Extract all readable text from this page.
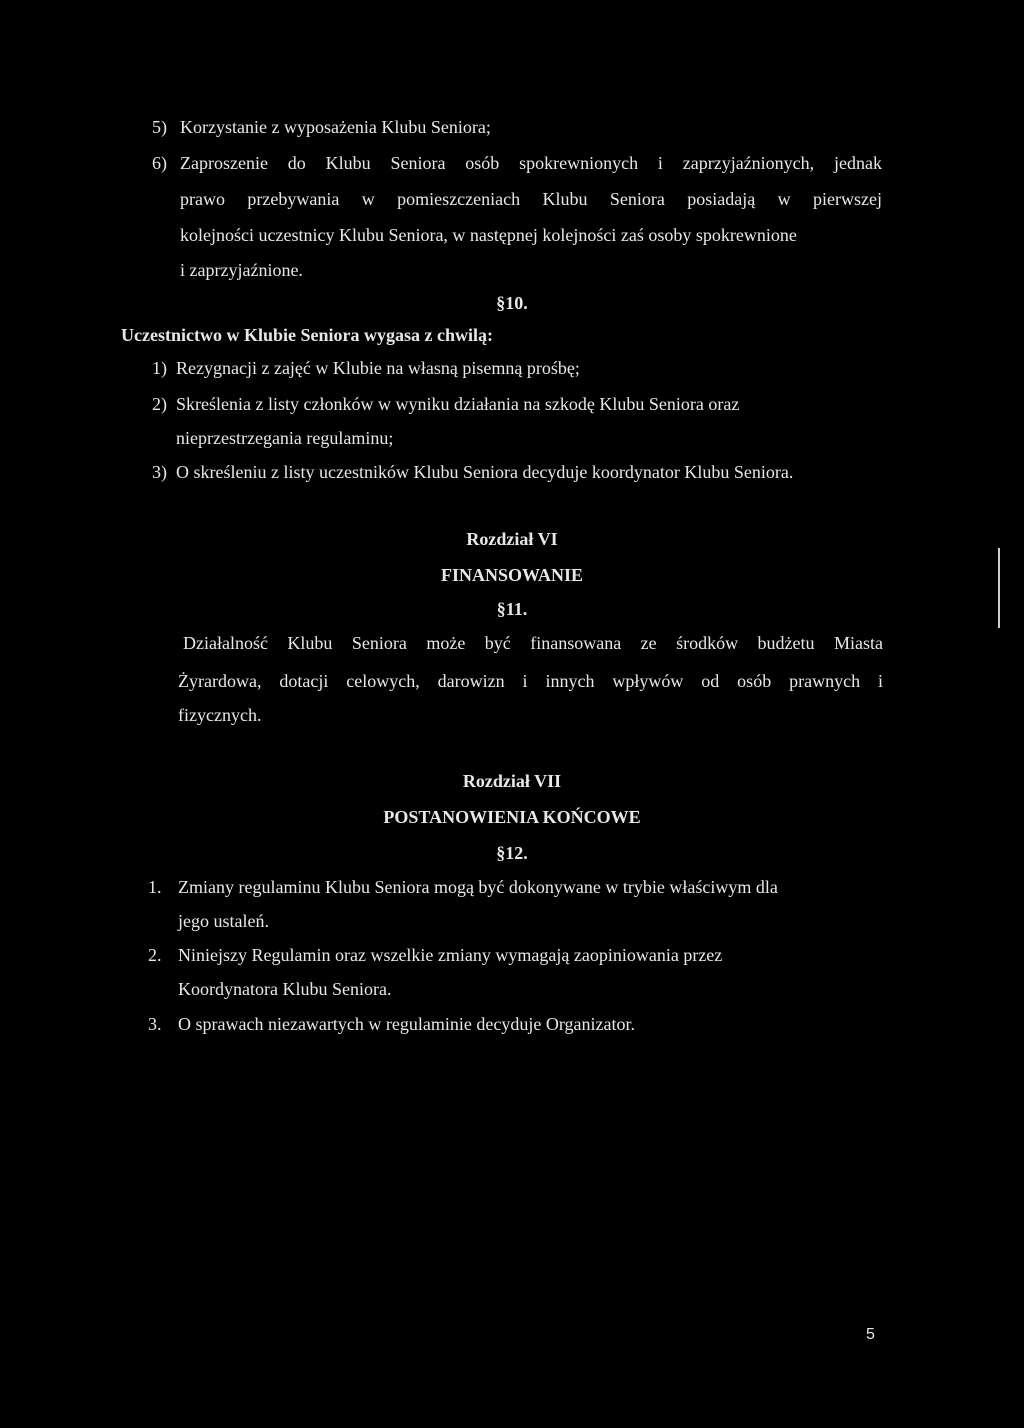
5) Korzystanie z wyposażenia Klubu Seniora;
6) Zaproszenie do Klubu Seniora osób spokrewnionych i zaprzyjaźnionych, jednak
prawo przebywania w pomieszczeniach Klubu Seniora posiadają w pierwszej
kolejności uczestnicy Klubu Seniora, w następnej kolejności zaś osoby spokrewnione
i zaprzyjaźnione.
§10.
Uczestnictwo w Klubie Seniora wygasa z chwilą:
1) Rezygnacji z zajęć w Klubie na własną pisemną prośbę;
2) Skreślenia z listy członków w wyniku działania na szkodę Klubu Seniora oraz
nieprzestrzegania regulaminu;
3) O skreśleniu z listy uczestników Klubu Seniora decyduje koordynator Klubu Seniora.
Rozdział VI
FINANSOWANIE
§11.
Działalność Klubu Seniora może być finansowana ze środków budżetu Miasta
Żyrardowa, dotacji celowych, darowizn i innych wpływów od osób prawnych i
fizycznych.
Rozdział VII
POSTANOWIENIA KOŃCOWE
§12.
1. Zmiany regulaminu Klubu Seniora mogą być dokonywane w trybie właściwym dla
jego ustaleń.
2. Niniejszy Regulamin oraz wszelkie zmiany wymagają zaopiniowania przez
Koordynatora Klubu Seniora.
3. O sprawach niezawartych w regulaminie decyduje Organizator.
5
